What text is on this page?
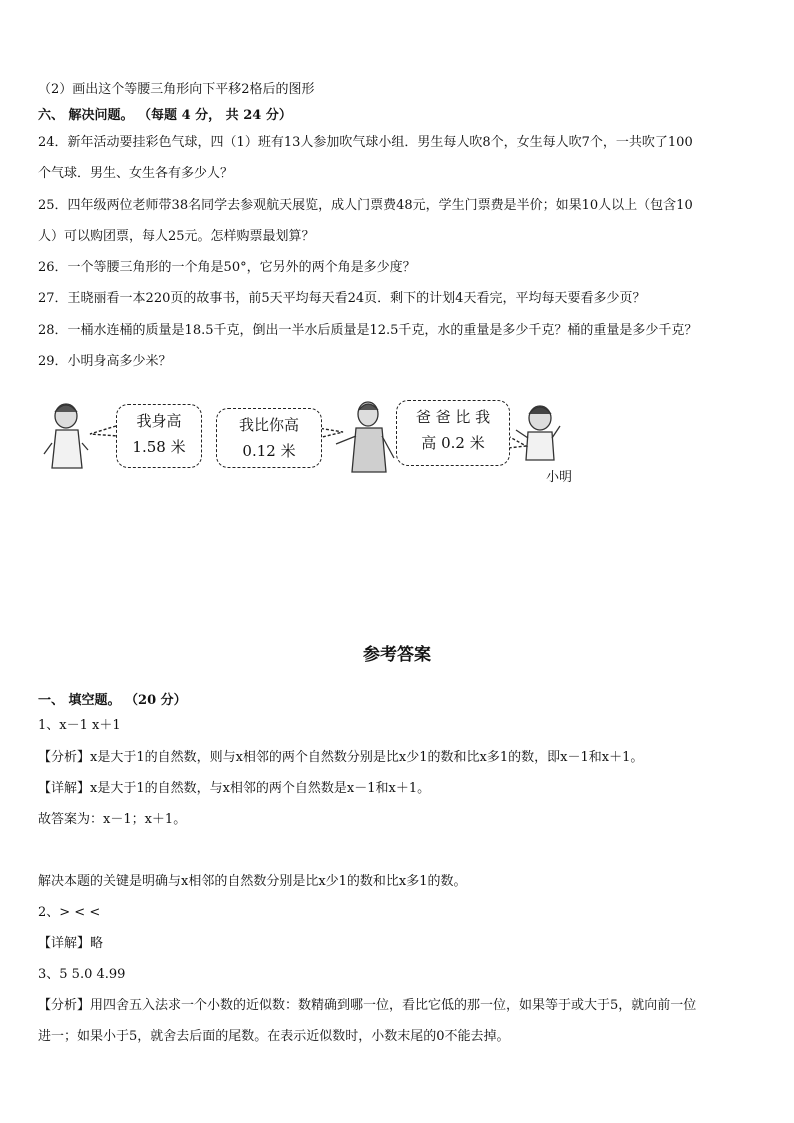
（2）画出这个等腰三角形向下平移2格后的图形
六、 解决问题。 （每题 4 分， 共 24 分）
24．新年活动要挂彩色气球，四（1）班有13人参加吹气球小组．男生每人吹8个，女生每人吹7个，一共吹了100
个气球．男生、女生各有多少人？
25．四年级两位老师带38名同学去参观航天展览，成人门票费48元，学生门票费是半价；如果10人以上（包含10
人）可以购团票，每人25元。怎样购票最划算？
26．一个等腰三角形的一个角是50°，它另外的两个角是多少度？
27．王晓丽看一本220页的故事书，前5天平均每天看24页．剩下的计划4天看完，平均每天要看多少页？
28．一桶水连桶的质量是18.5千克，倒出一半水后质量是12.5千克，水的重量是多少千克？桶的重量是多少千克？
29．小明身高多少米？
我身高
1.58 米
我比你高
0.12 米
爸 爸 比 我
高 0.2 米
小明
参考答案
一、 填空题。 （20 分）
1、x－1 x＋1
【分析】x是大于1的自然数，则与x相邻的两个自然数分别是比x少1的数和比x多1的数，即x－1和x＋1。
【详解】x是大于1的自然数，与x相邻的两个自然数是x－1和x＋1。
故答案为：x－1；x＋1。
解决本题的关键是明确与x相邻的自然数分别是比x少1的数和比x多1的数。
2、> < <
【详解】略
3、5 5.0 4.99
【分析】用四舍五入法求一个小数的近似数：数精确到哪一位，看比它低的那一位，如果等于或大于5，就向前一位
进一；如果小于5，就舍去后面的尾数。在表示近似数时，小数末尾的0不能去掉。
